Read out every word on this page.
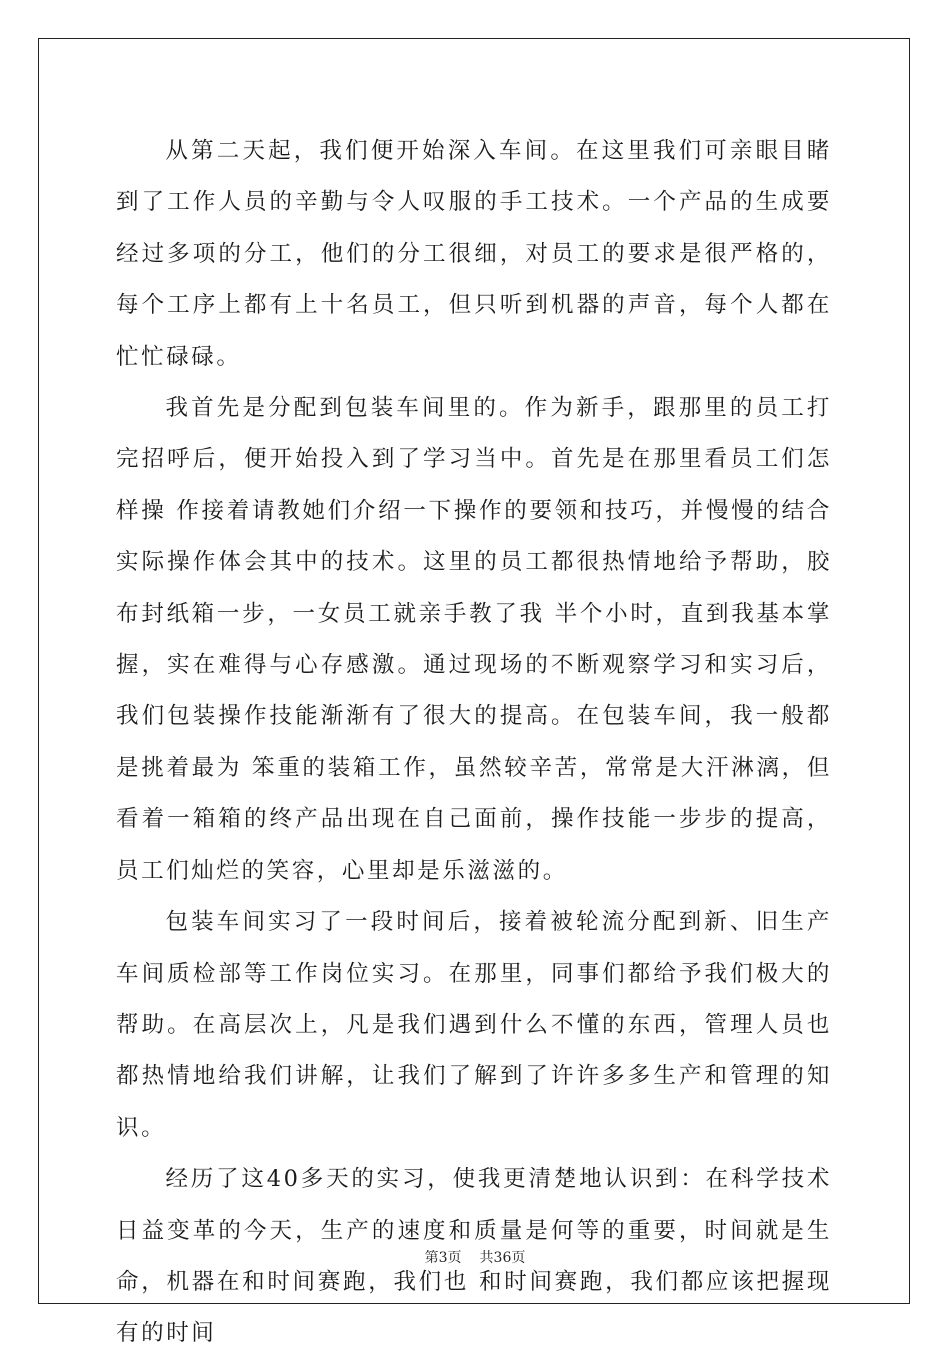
从第二天起，我们便开始深入车间。在这里我们可亲眼目睹到了工作人员的辛勤与令人叹服的手工技术。一个产品的生成要经过多项的分工，他们的分工很细，对员工的要求是很严格的，每个工序上都有上十名员工，但只听到机器的声音，每个人都在忙忙碌碌。

我首先是分配到包装车间里的。作为新手，跟那里的员工打完招呼后，便开始投入到了学习当中。首先是在那里看员工们怎样操 作接着请教她们介绍一下操作的要领和技巧，并慢慢的结合实际操作体会其中的技术。这里的员工都很热情地给予帮助，胶布封纸箱一步，一女员工就亲手教了我 半个小时，直到我基本掌握，实在难得与心存感激。通过现场的不断观察学习和实习后，我们包装操作技能渐渐有了很大的提高。在包装车间，我一般都是挑着最为 笨重的装箱工作，虽然较辛苦，常常是大汗淋漓，但看着一箱箱的终产品出现在自己面前，操作技能一步步的提高，员工们灿烂的笑容，心里却是乐滋滋的。

包装车间实习了一段时间后，接着被轮流分配到新、旧生产车间质检部等工作岗位实习。在那里，同事们都给予我们极大的帮助。在高层次上，凡是我们遇到什么不懂的东西，管理人员也都热情地给我们讲解，让我们了解到了许许多多生产和管理的知识。

经历了这40多天的实习，使我更清楚地认识到：在科学技术日益变革的今天，生产的速度和质量是何等的重要，时间就是生命，机器在和时间赛跑，我们也 和时间赛跑，我们都应该把握现有的时间

第3页 共36页
